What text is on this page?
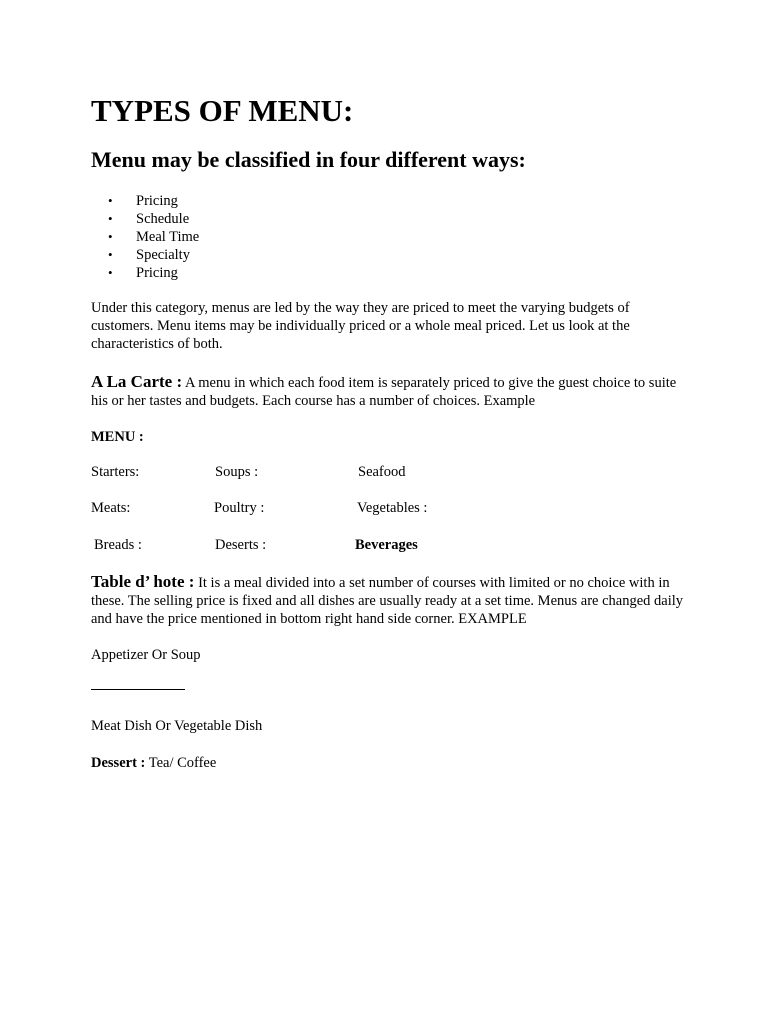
TYPES OF MENU:
Menu may be classified in four different ways:
• Pricing
• Schedule
• Meal Time
• Specialty
• Pricing

Under this category, menus are led by the way they are priced to meet the varying budgets of customers. Menu items may be individually priced or a whole meal priced. Let us look at the characteristics of both.

A La Carte : A menu in which each food item is separately priced to give the guest choice to suite his or her tastes and budgets. Each course has a number of choices. Example

MENU :
Starters:	Soups :	Seafood
Meats:	Poultry :	Vegetables :
Breads :	Deserts :	Beverages

Table d’ hote : It is a meal divided into a set number of courses with limited or no choice with in these. The selling price is fixed and all dishes are usually ready at a set time. Menus are changed daily and have the price mentioned in bottom right hand side corner. EXAMPLE

Appetizer Or Soup
Meat Dish Or Vegetable Dish
Dessert : Tea/ Coffee
